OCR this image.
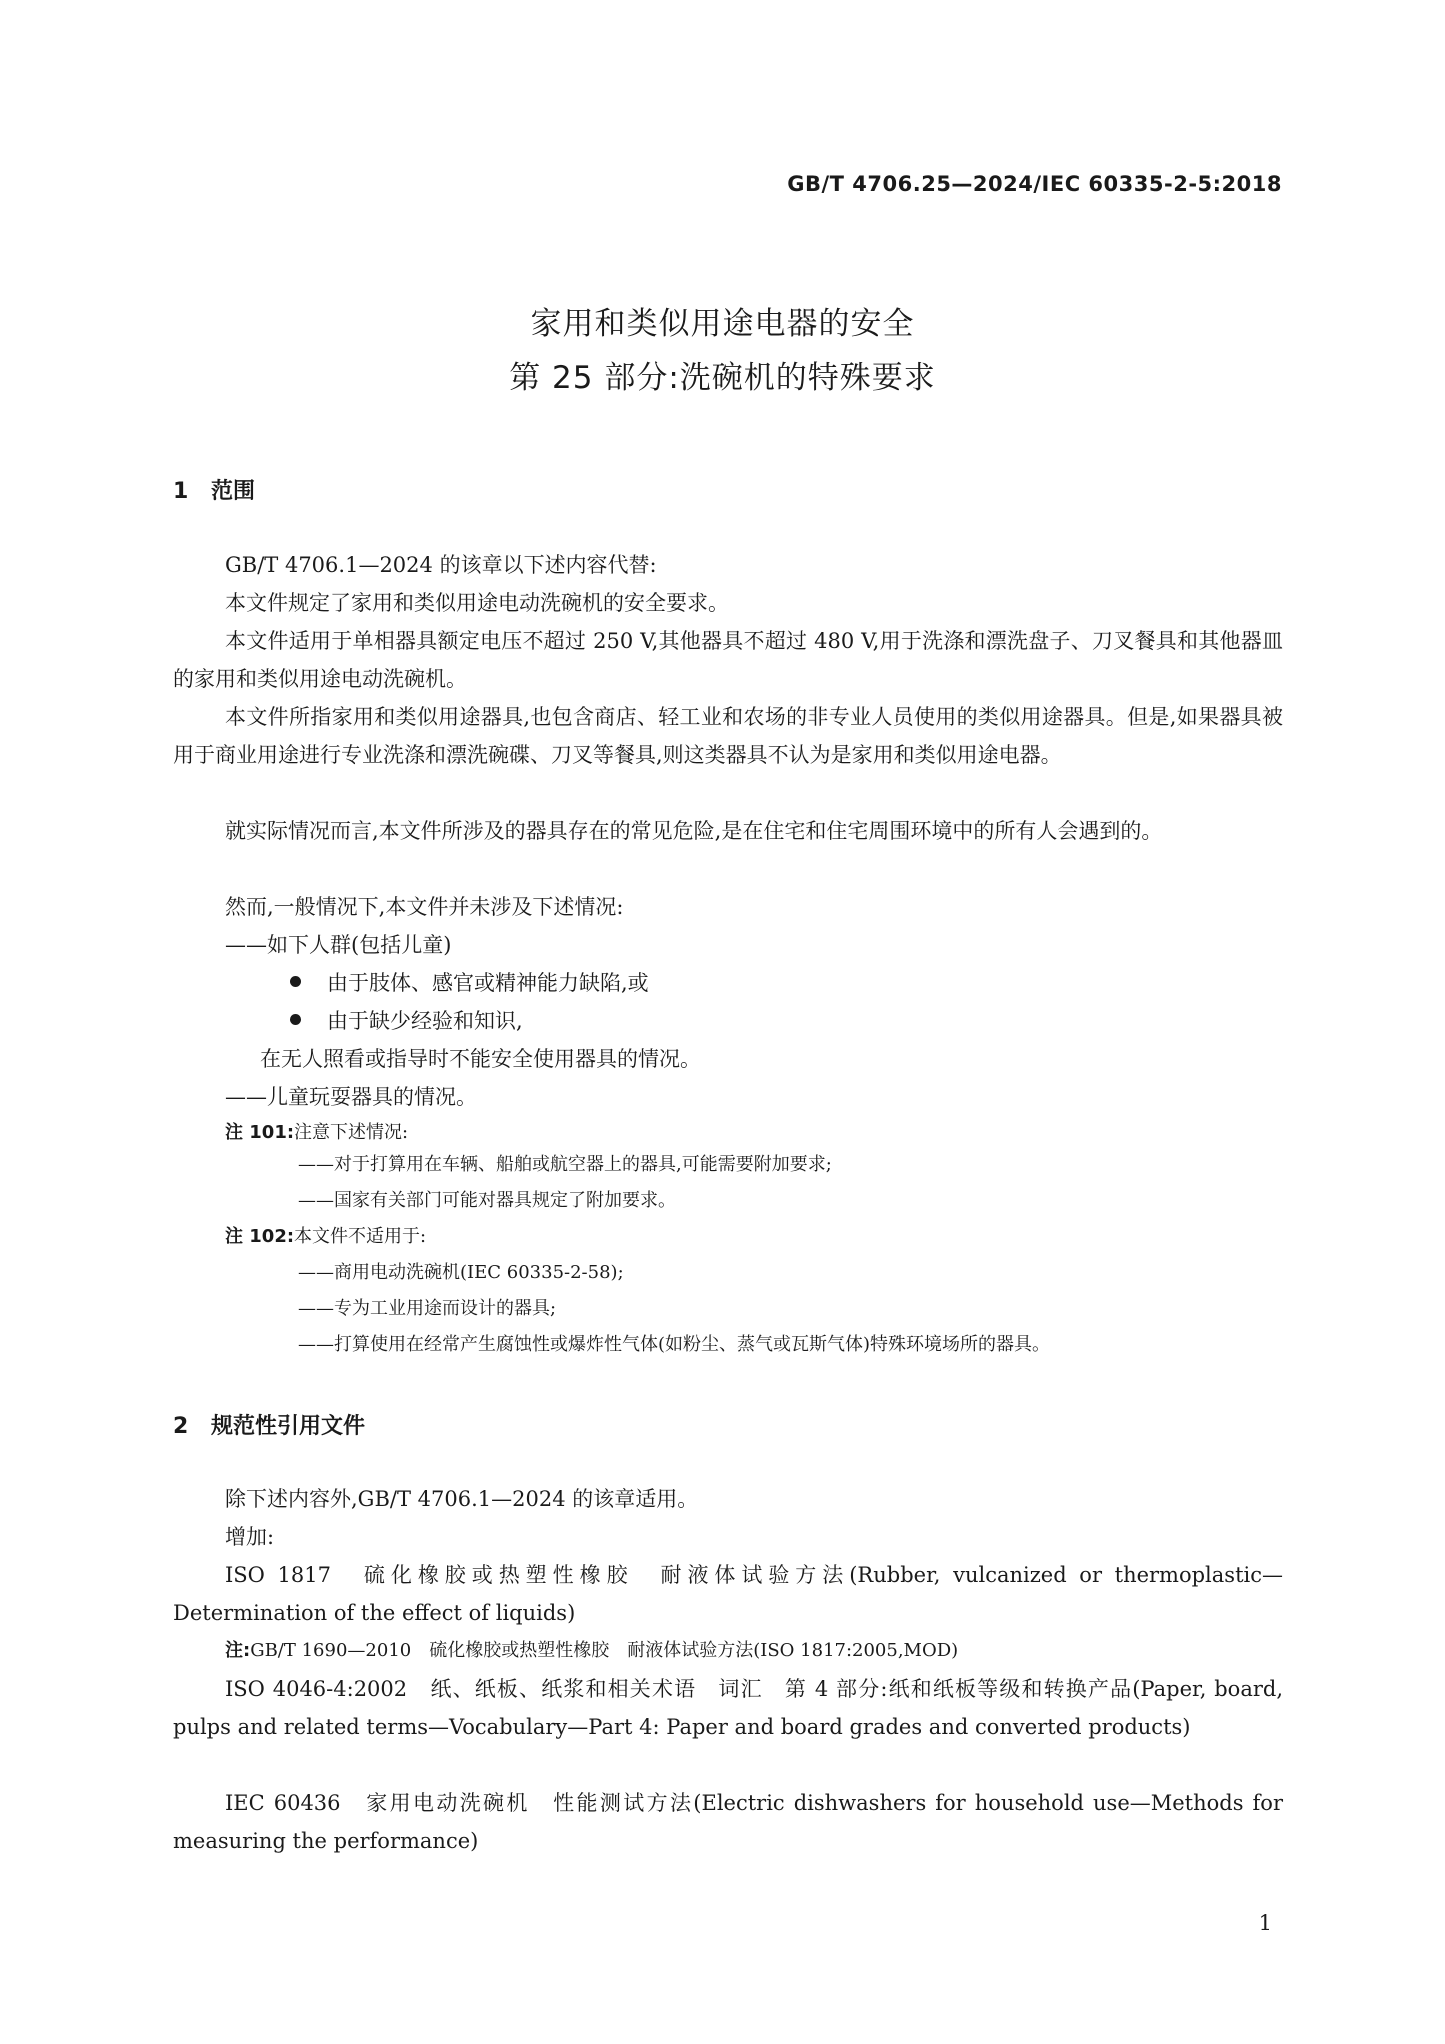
GB/T 4706.25—2024/IEC 60335-2-5:2018
家用和类似用途电器的安全
第 25 部分:洗碗机的特殊要求
1 范围
GB/T 4706.1—2024 的该章以下述内容代替:
本文件规定了家用和类似用途电动洗碗机的安全要求。
本文件适用于单相器具额定电压不超过 250 V,其他器具不超过 480 V,用于洗涤和漂洗盘子、刀叉餐具和其他器皿的家用和类似用途电动洗碗机。
本文件所指家用和类似用途器具,也包含商店、轻工业和农场的非专业人员使用的类似用途器具。但是,如果器具被用于商业用途进行专业洗涤和漂洗碗碟、刀叉等餐具,则这类器具不认为是家用和类似用途电器。
就实际情况而言,本文件所涉及的器具存在的常见危险,是在住宅和住宅周围环境中的所有人会遇到的。
然而,一般情况下,本文件并未涉及下述情况:
——如下人群(包括儿童)
由于肢体、感官或精神能力缺陷,或
由于缺少经验和知识,
在无人照看或指导时不能安全使用器具的情况。
——儿童玩耍器具的情况。
注 101:注意下述情况:
——对于打算用在车辆、船舶或航空器上的器具,可能需要附加要求;
——国家有关部门可能对器具规定了附加要求。
注 102:本文件不适用于:
——商用电动洗碗机(IEC 60335-2-58);
——专为工业用途而设计的器具;
——打算使用在经常产生腐蚀性或爆炸性气体(如粉尘、蒸气或瓦斯气体)特殊环境场所的器具。
2 规范性引用文件
除下述内容外,GB/T 4706.1—2024 的该章适用。
增加:
ISO 1817　硫化橡胶或热塑性橡胶　耐液体试验方法(Rubber, vulcanized or thermoplastic—Determination of the effect of liquids)
注:GB/T 1690—2010　硫化橡胶或热塑性橡胶　耐液体试验方法(ISO 1817:2005,MOD)
ISO 4046-4:2002　纸、纸板、纸浆和相关术语　词汇　第 4 部分:纸和纸板等级和转换产品(Paper, board, pulps and related terms—Vocabulary—Part 4: Paper and board grades and converted products)
IEC 60436　家用电动洗碗机　性能测试方法(Electric dishwashers for household use—Methods for measuring the performance)
1
